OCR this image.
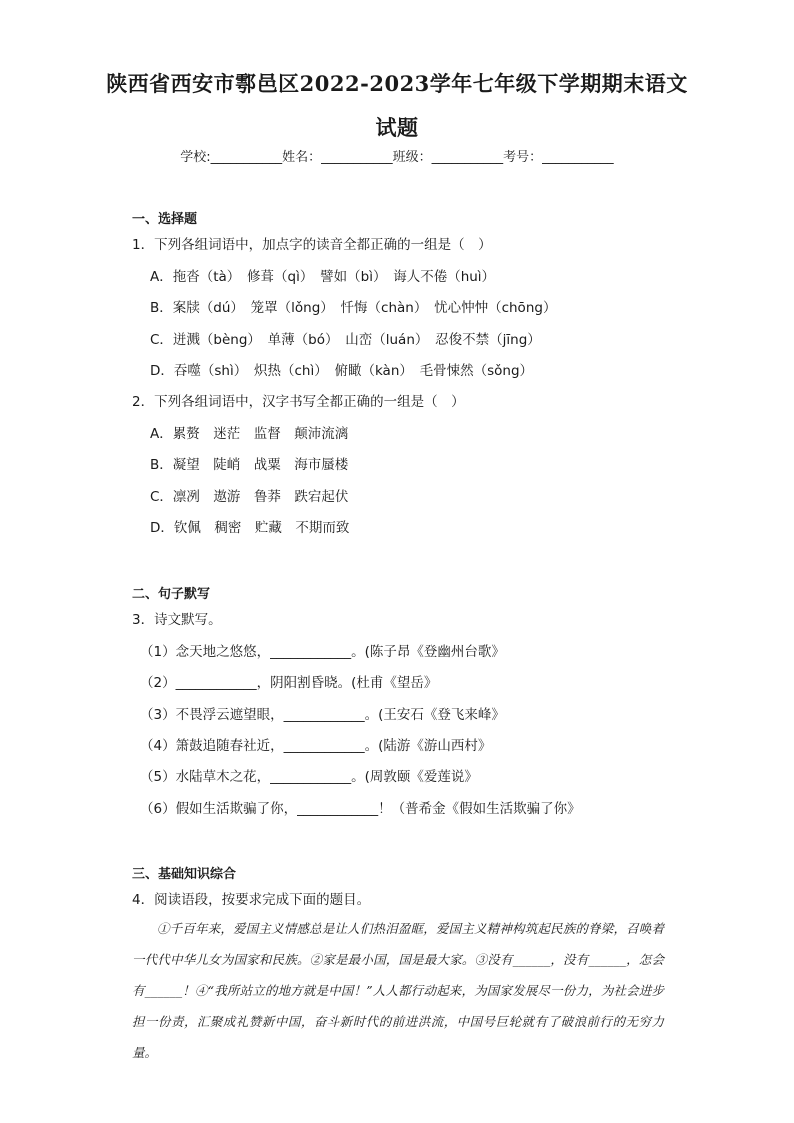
陕西省西安市鄠邑区2022-2023学年七年级下学期期末语文
试题
学校:___________姓名：___________班级：___________考号：___________
一、选择题
1．下列各组词语中，加点字的读音全都正确的一组是（　）
A．拖沓（tà）　修葺（qì）　譬如（bì）　诲人不倦（huì）
B．案牍（dú）　笼罩（lǒng）　忏悔（chàn）　忧心忡忡（chōng）
C．迸溅（bèng）　单薄（bó）　山峦（luán）　忍俊不禁（jīng）
D．吞噬（shì）　炽热（chì）　俯瞰（kàn）　毛骨悚然（sǒng）
2．下列各组词语中，汉字书写全都正确的一组是（　）
A．累赘　迷茫　监督　颠沛流漓
B．凝望　陡峭　战粟　海市蜃楼
C．凛冽　遨游　鲁莽　跌宕起伏
D．钦佩　稠密　贮藏　不期而致
二、句子默写
3．诗文默写。
（1）念天地之悠悠，____________。(陈子昂《登幽州台歌》
（2）____________，阴阳割昏晓。(杜甫《望岳》
（3）不畏浮云遮望眼，____________。(王安石《登飞来峰》
（4）箫鼓追随春社近，____________。(陆游《游山西村》
（5）水陆草木之花，____________。(周敦颐《爱莲说》
（6）假如生活欺骗了你，____________！（普希金《假如生活欺骗了你》
三、基础知识综合
4．阅读语段，按要求完成下面的题目。
①千百年来，爱国主义情感总是让人们热泪盈眶，爱国主义精神构筑起民族的脊梁，召唤着一代代中华儿女为国家和民族。②家是最小国，国是最大家。③没有______，没有______，怎会有______！④“我所站立的地方就是中国！”人人都行动起来，为国家发展尽一份力，为社会进步担一份责，汇聚成礼赞新中国，奋斗新时代的前进洪流，中国号巨轮就有了破浪前行的无穷力量。
